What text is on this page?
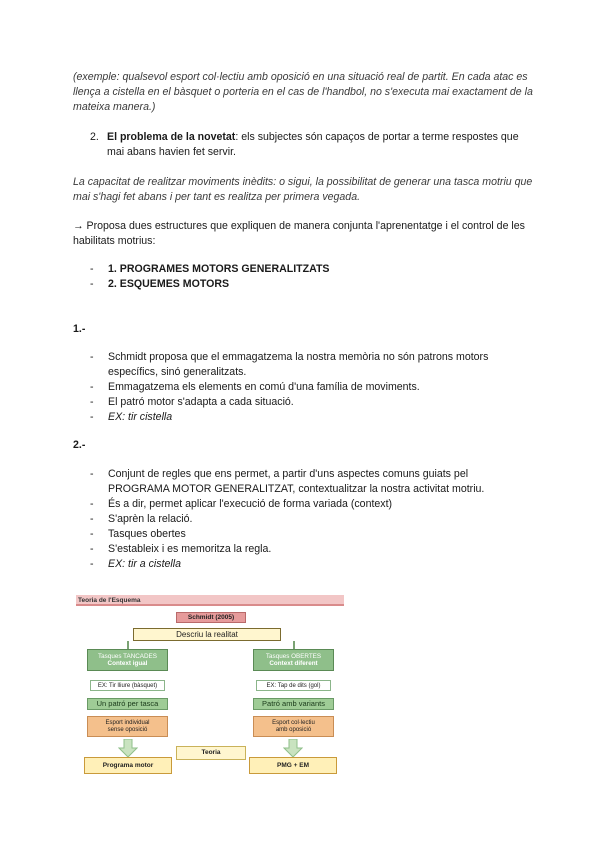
(exemple: qualsevol esport col·lectiu amb oposició en una situació real de partit. En cada atac es llença a cistella en el bàsquet o porteria en el cas de l'handbol, no s'executa mai exactament de la mateixa manera.)

2. El problema de la novetat: els subjectes són capaços de portar a terme respostes que mai abans havien fet servir.

La capacitat de realitzar moviments inèdits: o sigui, la possibilitat de generar una tasca motriu que mai s'hagi fet abans i per tant es realitza per primera vegada.

→ Proposa dues estructures que expliquen de manera conjunta l'aprenentatge i el control de les habilitats motrius:

- 1. PROGRAMES MOTORS GENERALITZATS
- 2. ESQUEMES MOTORS
1.-
- Schmidt proposa que el emmagatzema la nostra memòria no són patrons motors específics, sinó generalitzats.
- Emmagatzema els elements en comú d'una família de moviments.
- El patró motor s'adapta a cada situació.
- EX: tir cistella
2.-
- Conjunt de regles que ens permet, a partir d'uns aspectes comuns guiats pel PROGRAMA MOTOR GENERALITZAT, contextualitzar la nostra activitat motriu.
- És a dir, permet aplicar l'execució de forma variada (context)
- S'aprèn la relació.
- Tasques obertes
- S'estableix i es memoritza la regla.
- EX: tir a cistella
Teoria de l'Esquema
Schmidt (2005)
Descriu la realitat
Tasques TANCADES
Context igual
Tasques OBERTES
Context diferent
EX: Tir lliure (bàsquet)	EX: Tap de dits (gol)
Un patró per tasca	Patró amb variants
Esport individual
sense oposició
Esport col·lectiu
amb oposició
Teoria
Programa motor	PMG + EM
